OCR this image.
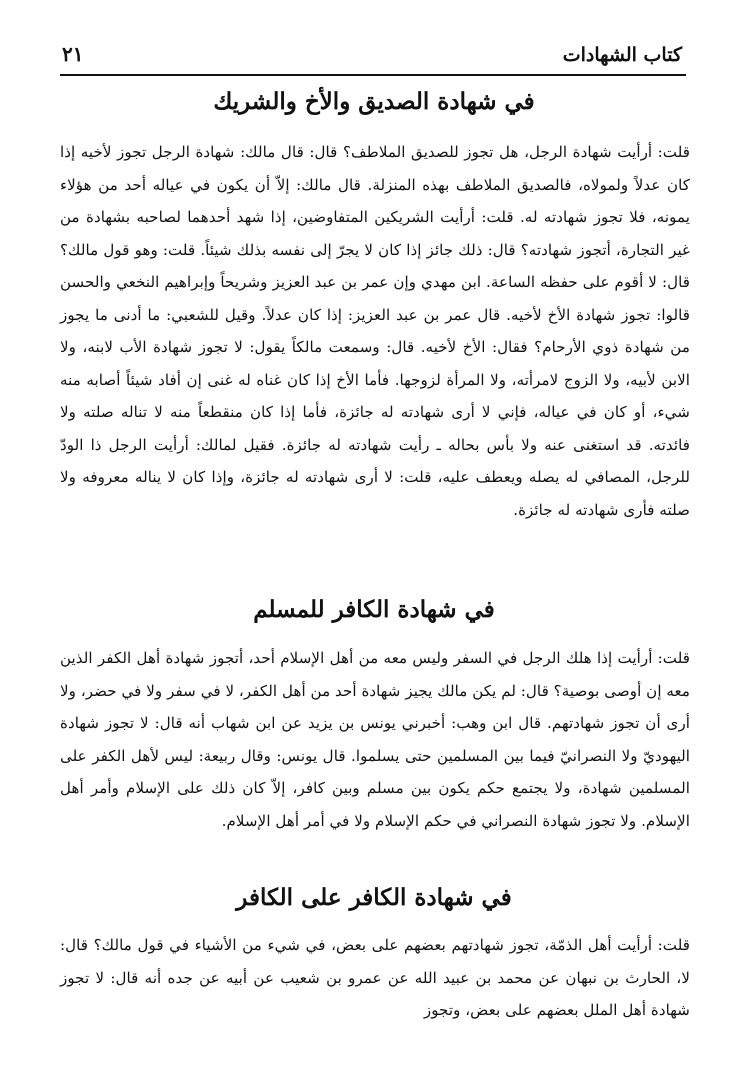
كتاب الشهادات
٢١
في شهادة الصديق والأخ والشريك

قلت: أرأيت شهادة الرجل، هل تجوز للصديق الملاطف؟ قال: قال مالك: شهادة الرجل تجوز لأخيه إذا كان عدلاً ولمولاه، فالصديق الملاطف بهذه المنزلة. قال مالك: إلاّ أن يكون في عياله أحد من هؤلاء يمونه، فلا تجوز شهادته له. قلت: أرأيت الشريكين المتفاوضين، إذا شهد أحدهما لصاحبه بشهادة من غير التجارة، أتجوز شهادته؟ قال: ذلك جائز إذا كان لا يجرّ إلى نفسه بذلك شيئاً. قلت: وهو قول مالك؟ قال: لا أقوم على حفظه الساعة. ابن مهدي وإن عمر بن عبد العزيز وشريحاً وإبراهيم النخعي والحسن قالوا: تجوز شهادة الأخ لأخيه. قال عمر بن عبد العزيز: إذا كان عدلاً. وقيل للشعبي: ما أدنى ما يجوز من شهادة ذوي الأرحام؟ فقال: الأخ لأخيه. قال: وسمعت مالكاً يقول: لا تجوز شهادة الأب لابنه، ولا الابن لأبيه، ولا الزوج لامرأته، ولا المرأة لزوجها. فأما الأخ إذا كان غناه له غنى إن أفاد شيئاً أصابه منه شيء، أو كان في عياله، فإني لا أرى شهادته له جائزة، فأما إذا كان منقطعاً منه لا تناله صلته ولا فائدته. قد استغنى عنه ولا بأس بحاله ـ رأيت شهادته له جائزة. فقيل لمالك: أرأيت الرجل ذا الودّ للرجل، المصافي له يصله ويعطف عليه، قلت: لا أرى شهادته له جائزة، وإذا كان لا يناله معروفه ولا صلته فأرى شهادته له جائزة.

في شهادة الكافر للمسلم

قلت: أرأيت إذا هلك الرجل في السفر وليس معه من أهل الإسلام أحد، أتجوز شهادة أهل الكفر الذين معه إن أوصى بوصية؟ قال: لم يكن مالك يجيز شهادة أحد من أهل الكفر، لا في سفر ولا في حضر، ولا أرى أن تجوز شهادتهم. قال ابن وهب: أخبرني يونس بن يزيد عن ابن شهاب أنه قال: لا تجوز شهادة اليهوديّ ولا النصرانيّ فيما بين المسلمين حتى يسلموا. قال يونس: وقال ربيعة: ليس لأهل الكفر على المسلمين شهادة، ولا يجتمع حكم يكون بين مسلم وبين كافر، إلاّ كان ذلك على الإسلام وأمر أهل الإسلام. ولا تجوز شهادة النصراني في حكم الإسلام ولا في أمر أهل الإسلام.

في شهادة الكافر على الكافر

قلت: أرأيت أهل الذمّة، تجوز شهادتهم بعضهم على بعض، في شيء من الأشياء في قول مالك؟ قال: لا، الحارث بن نبهان عن محمد بن عبيد الله عن عمرو بن شعيب عن أبيه عن جده أنه قال: لا تجوز شهادة أهل الملل بعضهم على بعض، وتجوز
